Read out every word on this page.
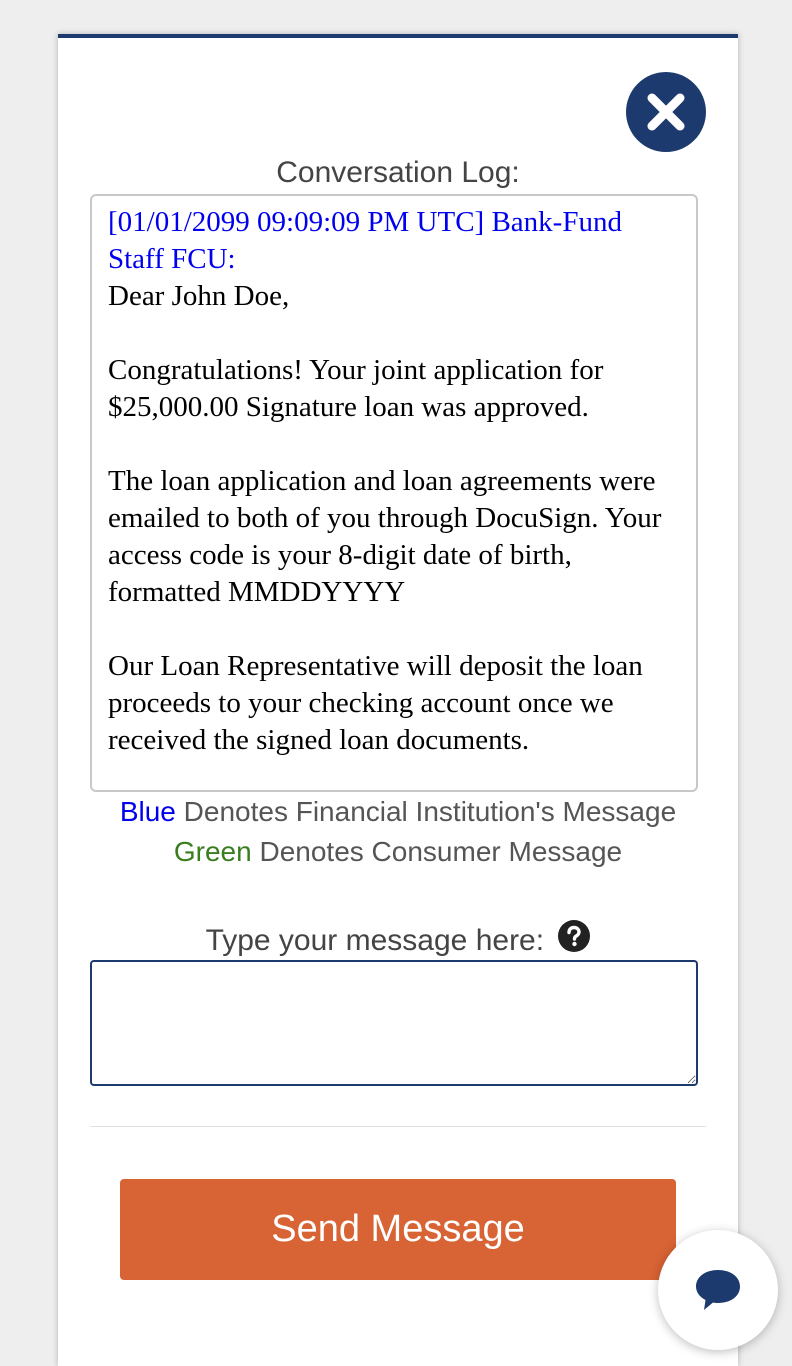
Conversation Log:

[01/01/2099 09:09:09 PM UTC] Bank-Fund Staff FCU:

Dear John Doe,

Congratulations! Your joint application for $25,000.00 Signature loan was approved.

The loan application and loan agreements were emailed to both of you through DocuSign. Your access code is your 8-digit date of birth, formatted MMDDYYYY

Our Loan Representative will deposit the loan proceeds to your checking account once we received the signed loan documents.

Blue Denotes Financial Institution's Message
Green Denotes Consumer Message
Type your message here:
Send Message
